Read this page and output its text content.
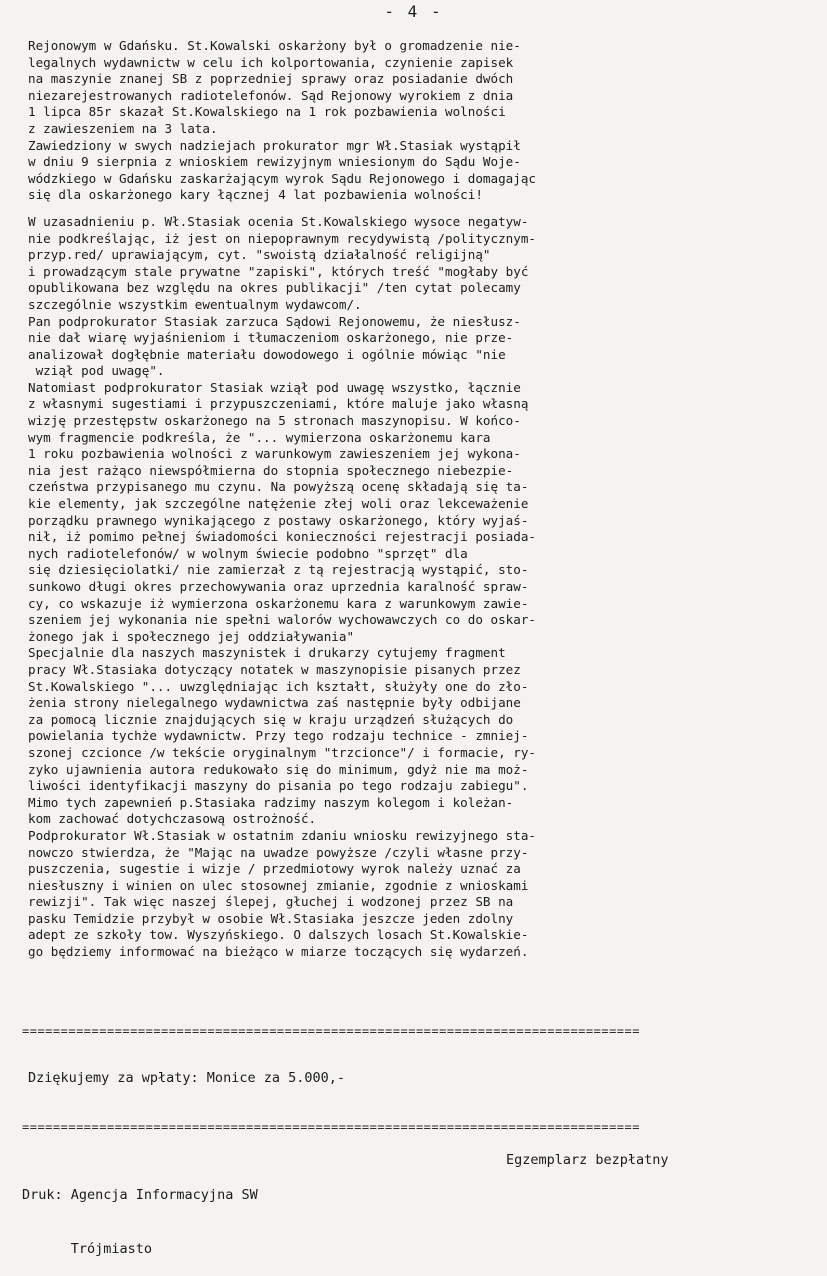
- 4 -
Rejonowym w Gdańsku. St.Kowalski oskarżony był o gromadzenie nie-
legalnych wydawnictw w celu ich kolportowania, czynienie zapisek
na maszynie znanej SB z poprzedniej sprawy oraz posiadanie dwóch
niezarejestrowanych radiotelefonów. Sąd Rejonowy wyrokiem z dnia
1 lipca 85r skazał St.Kowalskiego na 1 rok pozbawienia wolności
z zawieszeniem na 3 lata.
Zawiedziony w swych nadziejach prokurator mgr Wł.Stasiak wystąpił
w dniu 9 sierpnia z wnioskiem rewizyjnym wniesionym do Sądu Woje-
wódzkiego w Gdańsku zaskarżającym wyrok Sądu Rejonowego i domagając
się dla oskarżonego kary łącznej 4 lat pozbawienia wolności!
W uzasadnieniu p. Wł.Stasiak ocenia St.Kowalskiego wysoce negatyw-
nie podkreślając, iż jest on niepoprawnym recydywistą /politycznym-
przyp.red/ uprawiającym, cyt. "swoistą działalność religijną"
i prowadzącym stale prywatne "zapiski", których treść "mogłaby być
opublikowana bez względu na okres publikacji" /ten cytat polecamy
szczególnie wszystkim ewentualnym wydawcom/.
Pan podprokurator Stasiak zarzuca Sądowi Rejonowemu, że niesłusz-
nie dał wiarę wyjaśnieniom i tłumaczeniom oskarżonego, nie prze-
analizował dogłębnie materiału dowodowego i ogólnie mówiąc "nie
wziął pod uwagę".
Natomiast podprokurator Stasiak wziął pod uwagę wszystko, łącznie
z własnymi sugestiami i przypuszczeniami, które maluje jako własną
wizję przestępstw oskarżonego na 5 stronach maszynopisu. W końco-
wym fragmencie podkreśla, że "... wymierzona oskarżonemu kara
1 roku pozbawienia wolności z warunkowym zawieszeniem jej wykona-
nia jest rażąco niewspółmierna do stopnia społecznego niebezpie-
czeństwa przypisanego mu czynu. Na powyższą ocenę składają się ta-
kie elementy, jak szczególne natężenie złej woli oraz lekceważenie
porządku prawnego wynikającego z postawy oskarżonego, który wyjaś-
nił, iż pomimo pełnej świadomości konieczności rejestracji posiada-
nych radiotelefonów/ w wolnym świecie podobno "sprzęt" dla
się dziesięciolatki/ nie zamierzał z tą rejestracją wystąpić, sto-
sunkowo długi okres przechowywania oraz uprzednia karalność spraw-
cy, co wskazuje iż wymierzona oskarżonemu kara z warunkowym zawie-
szeniem jej wykonania nie spełni walorów wychowawczych co do oskar-
żonego jak i społecznego jej oddziaływania"
Specjalnie dla naszych maszynistek i drukarzy cytujemy fragment
pracy Wł.Stasiaka dotyczący notatek w maszynopisie pisanych przez
St.Kowalskiego "... uwzględniając ich kształt, służyły one do zło-
żenia strony nielegalnego wydawnictwa zaś następnie były odbijane
za pomocą licznie znajdujących się w kraju urządzeń służących do
powielania tychże wydawnictw. Przy tego rodzaju technice - zmniej-
szonej czcionce /w tekście oryginalnym "trzcionce"/ i formacie, ry-
zyko ujawnienia autora redukowało się do minimum, gdyż nie ma moż-
liwości identyfikacji maszyny do pisania po tego rodzaju zabiegu".
Mimo tych zapewnień p.Stasiaka radzimy naszym kolegom i koleżan-
kom zachować dotychczasową ostrożność.
Podprokurator Wł.Stasiak w ostatnim zdaniu wniosku rewizyjnego sta-
nowczo stwierdza, że "Mając na uwadze powyższe /czyli własne przy-
puszczenia, sugestie i wizje / przedmiotowy wyrok należy uznać za
niesłuszny i winien on ulec stosownej zmianie, zgodnie z wnioskami
rewizji". Tak więc naszej ślepej, głuchej i wodzonej przez SB na
pasku Temidzie przybył w osobie Wł.Stasiaka jeszcze jeden zdolny
adept ze szkoły tow. Wyszyńskiego. O dalszych losach St.Kowalskie-
go będziemy informować na bieżąco w miarze toczących się wydarzeń.
================================================================================
Dziękujemy za wpłaty: Monice za 5.000,-
================================================================================

Druk: Agencja Informacyjna SW

Trójmiasto

Egzemplarz bezpłatny
